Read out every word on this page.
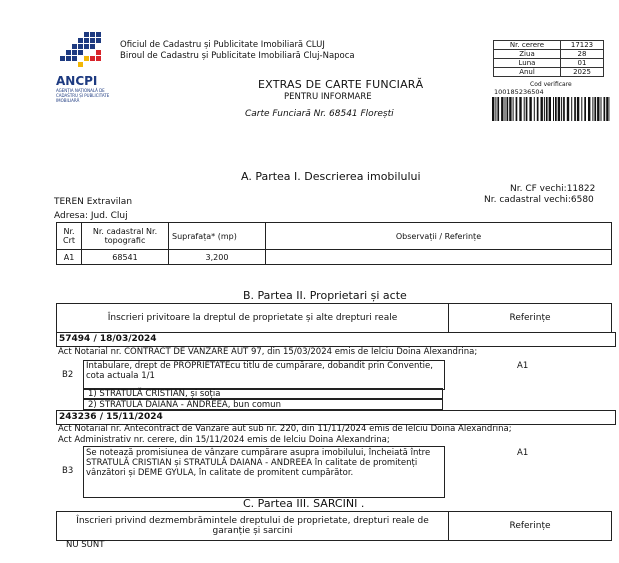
ANCPI
AGENȚIA NAȚIONALĂ DE CADASTRU ȘI PUBLICITATE IMOBILIARĂ
Oficiul de Cadastru și Publicitate Imobiliară CLUJ
Biroul de Cadastru și Publicitate Imobiliară Cluj-Napoca
EXTRAS DE CARTE FUNCIARĂ
PENTRU INFORMARE
Carte Funciară Nr. 68541 Florești
Nr. cerere	17123
Ziua	28
Luna	01
Anul	2025
Cod verificare
100185236504
A. Partea I. Descrierea imobilului
Nr. CF vechi:11822
Nr. cadastral vechi:6580
TEREN Extravilan
Adresa: Jud. Cluj
Nr. Crt	Nr. cadastral Nr. topografic	Suprafața* (mp)	Observații / Referințe
A1	68541	3,200	
B. Partea II. Proprietari și acte
Înscrieri privitoare la dreptul de proprietate și alte drepturi reale	Referințe
57494 / 18/03/2024
Act Notarial nr. CONTRACT DE VANZARE AUT 97, din 15/03/2024 emis de Ielciu Doina Alexandrina;
B2
Intabulare, drept de PROPRIETATEcu titlu de cumpărare, dobandit prin Conventie, cota actuala 1/1
A1
1) STRATULĂ CRISTIAN, și soția
2) STRATULĂ DAIANA - ANDREEA, bun comun
243236 / 15/11/2024
Act Notarial nr. Antecontract de Vanzare aut sub nr. 220, din 11/11/2024 emis de Ielciu Doina Alexandrina;
Act Administrativ nr. cerere, din 15/11/2024 emis de Ielciu Doina Alexandrina;
B3
Se notează promisiunea de vânzare cumpărare asupra imobilului, încheiată între STRATULĂ CRISTIAN și STRATULĂ DAIANA - ANDREEA în calitate de promitenți vânzători și DEME GYULA, în calitate de promitent cumpărător.
A1
C. Partea III. SARCINI .
Înscrieri privind dezmembrămintele dreptului de proprietate, drepturi reale de garanție și sarcini	Referințe
NU SUNT
